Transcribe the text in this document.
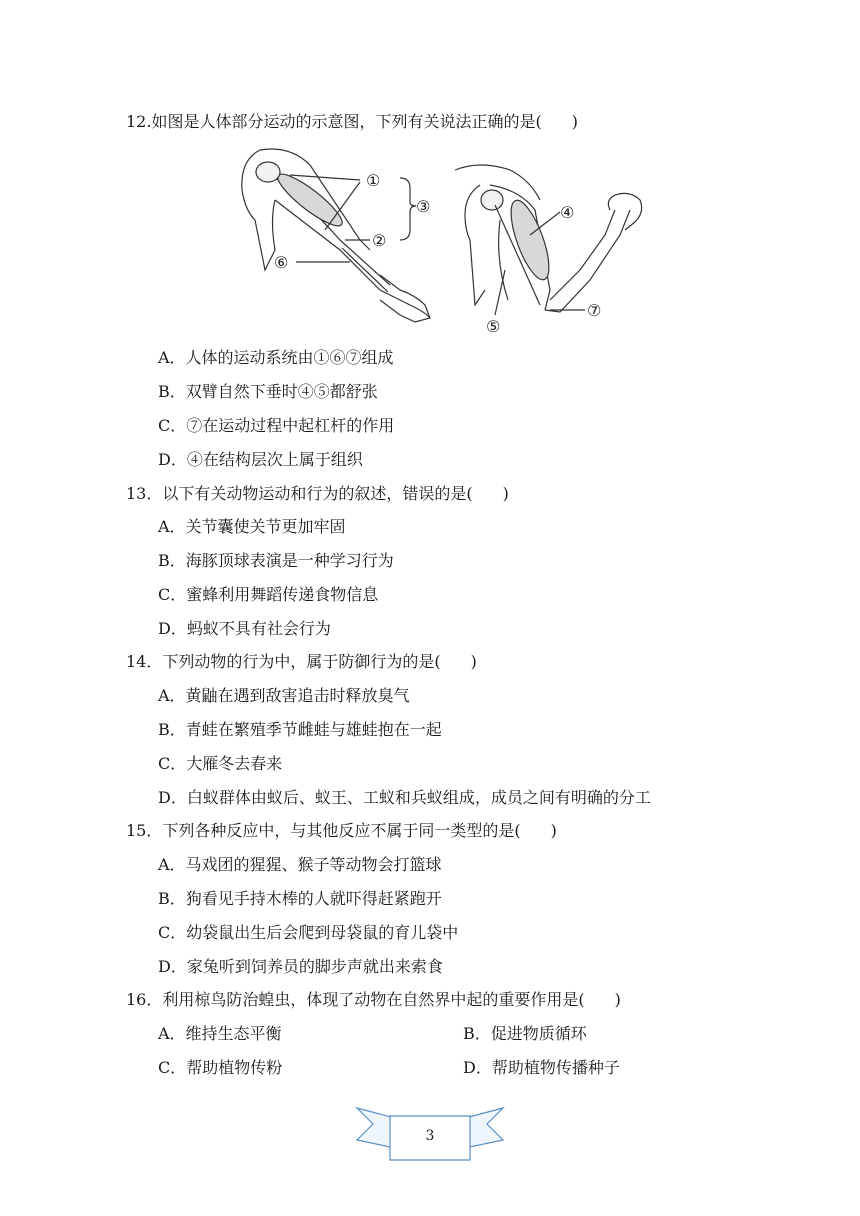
12.如图是人体部分运动的示意图，下列有关说法正确的是( )
①
②
③	④
⑤
⑥
⑦
A．人体的运动系统由①⑥⑦组成
B．双臂自然下垂时④⑤都舒张
C．⑦在运动过程中起杠杆的作用
D．④在结构层次上属于组织
13．以下有关动物运动和行为的叙述，错误的是( )
A．关节囊使关节更加牢固
B．海豚顶球表演是一种学习行为
C．蜜蜂利用舞蹈传递食物信息
D．蚂蚁不具有社会行为
14．下列动物的行为中，属于防御行为的是( )
A．黄鼬在遇到敌害追击时释放臭气
B．青蛙在繁殖季节雌蛙与雄蛙抱在一起
C．大雁冬去春来
D．白蚁群体由蚁后、蚁王、工蚁和兵蚁组成，成员之间有明确的分工
15．下列各种反应中，与其他反应不属于同一类型的是( )
A．马戏团的猩猩、猴子等动物会打篮球
B．狗看见手持木棒的人就吓得赶紧跑开
C．幼袋鼠出生后会爬到母袋鼠的育儿袋中
D．家兔听到饲养员的脚步声就出来索食
16．利用椋鸟防治蝗虫，体现了动物在自然界中起的重要作用是( )
A．维持生态平衡	B．促进物质循环
C．帮助植物传粉	D．帮助植物传播种子
3
